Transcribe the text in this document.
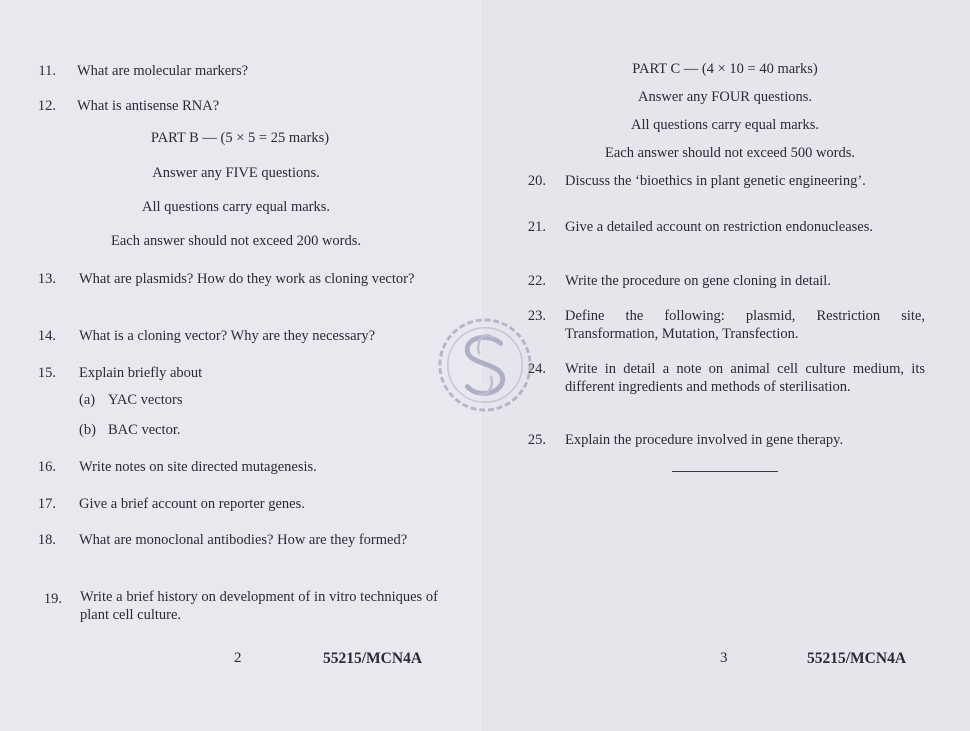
11. What are molecular markers?
12. What is antisense RNA?
PART B — (5 × 5 = 25 marks)
Answer any FIVE questions.
All questions carry equal marks.
Each answer should not exceed 200 words.
13. What are plasmids? How do they work as cloning vector?
14. What is a cloning vector? Why are they necessary?
15. Explain briefly about
(a) YAC vectors
(b) BAC vector.
16. Write notes on site directed mutagenesis.
17. Give a brief account on reporter genes.
18. What are monoclonal antibodies? How are they formed?
19. Write a brief history on development of in vitro techniques of plant cell culture.
2	55215/MCN4A
PART C — (4 × 10 = 40 marks)
Answer any FOUR questions.
All questions carry equal marks.
Each answer should not exceed 500 words.
20. Discuss the ‘bioethics in plant genetic engineering’.
21. Give a detailed account on restriction endonucleases.
22. Write the procedure on gene cloning in detail.
23. Define the following: plasmid, Restriction site, Transformation, Mutation, Transfection.
24. Write in detail a note on animal cell culture medium, its different ingredients and methods of sterilisation.
25. Explain the procedure involved in gene therapy.
3	55215/MCN4A
